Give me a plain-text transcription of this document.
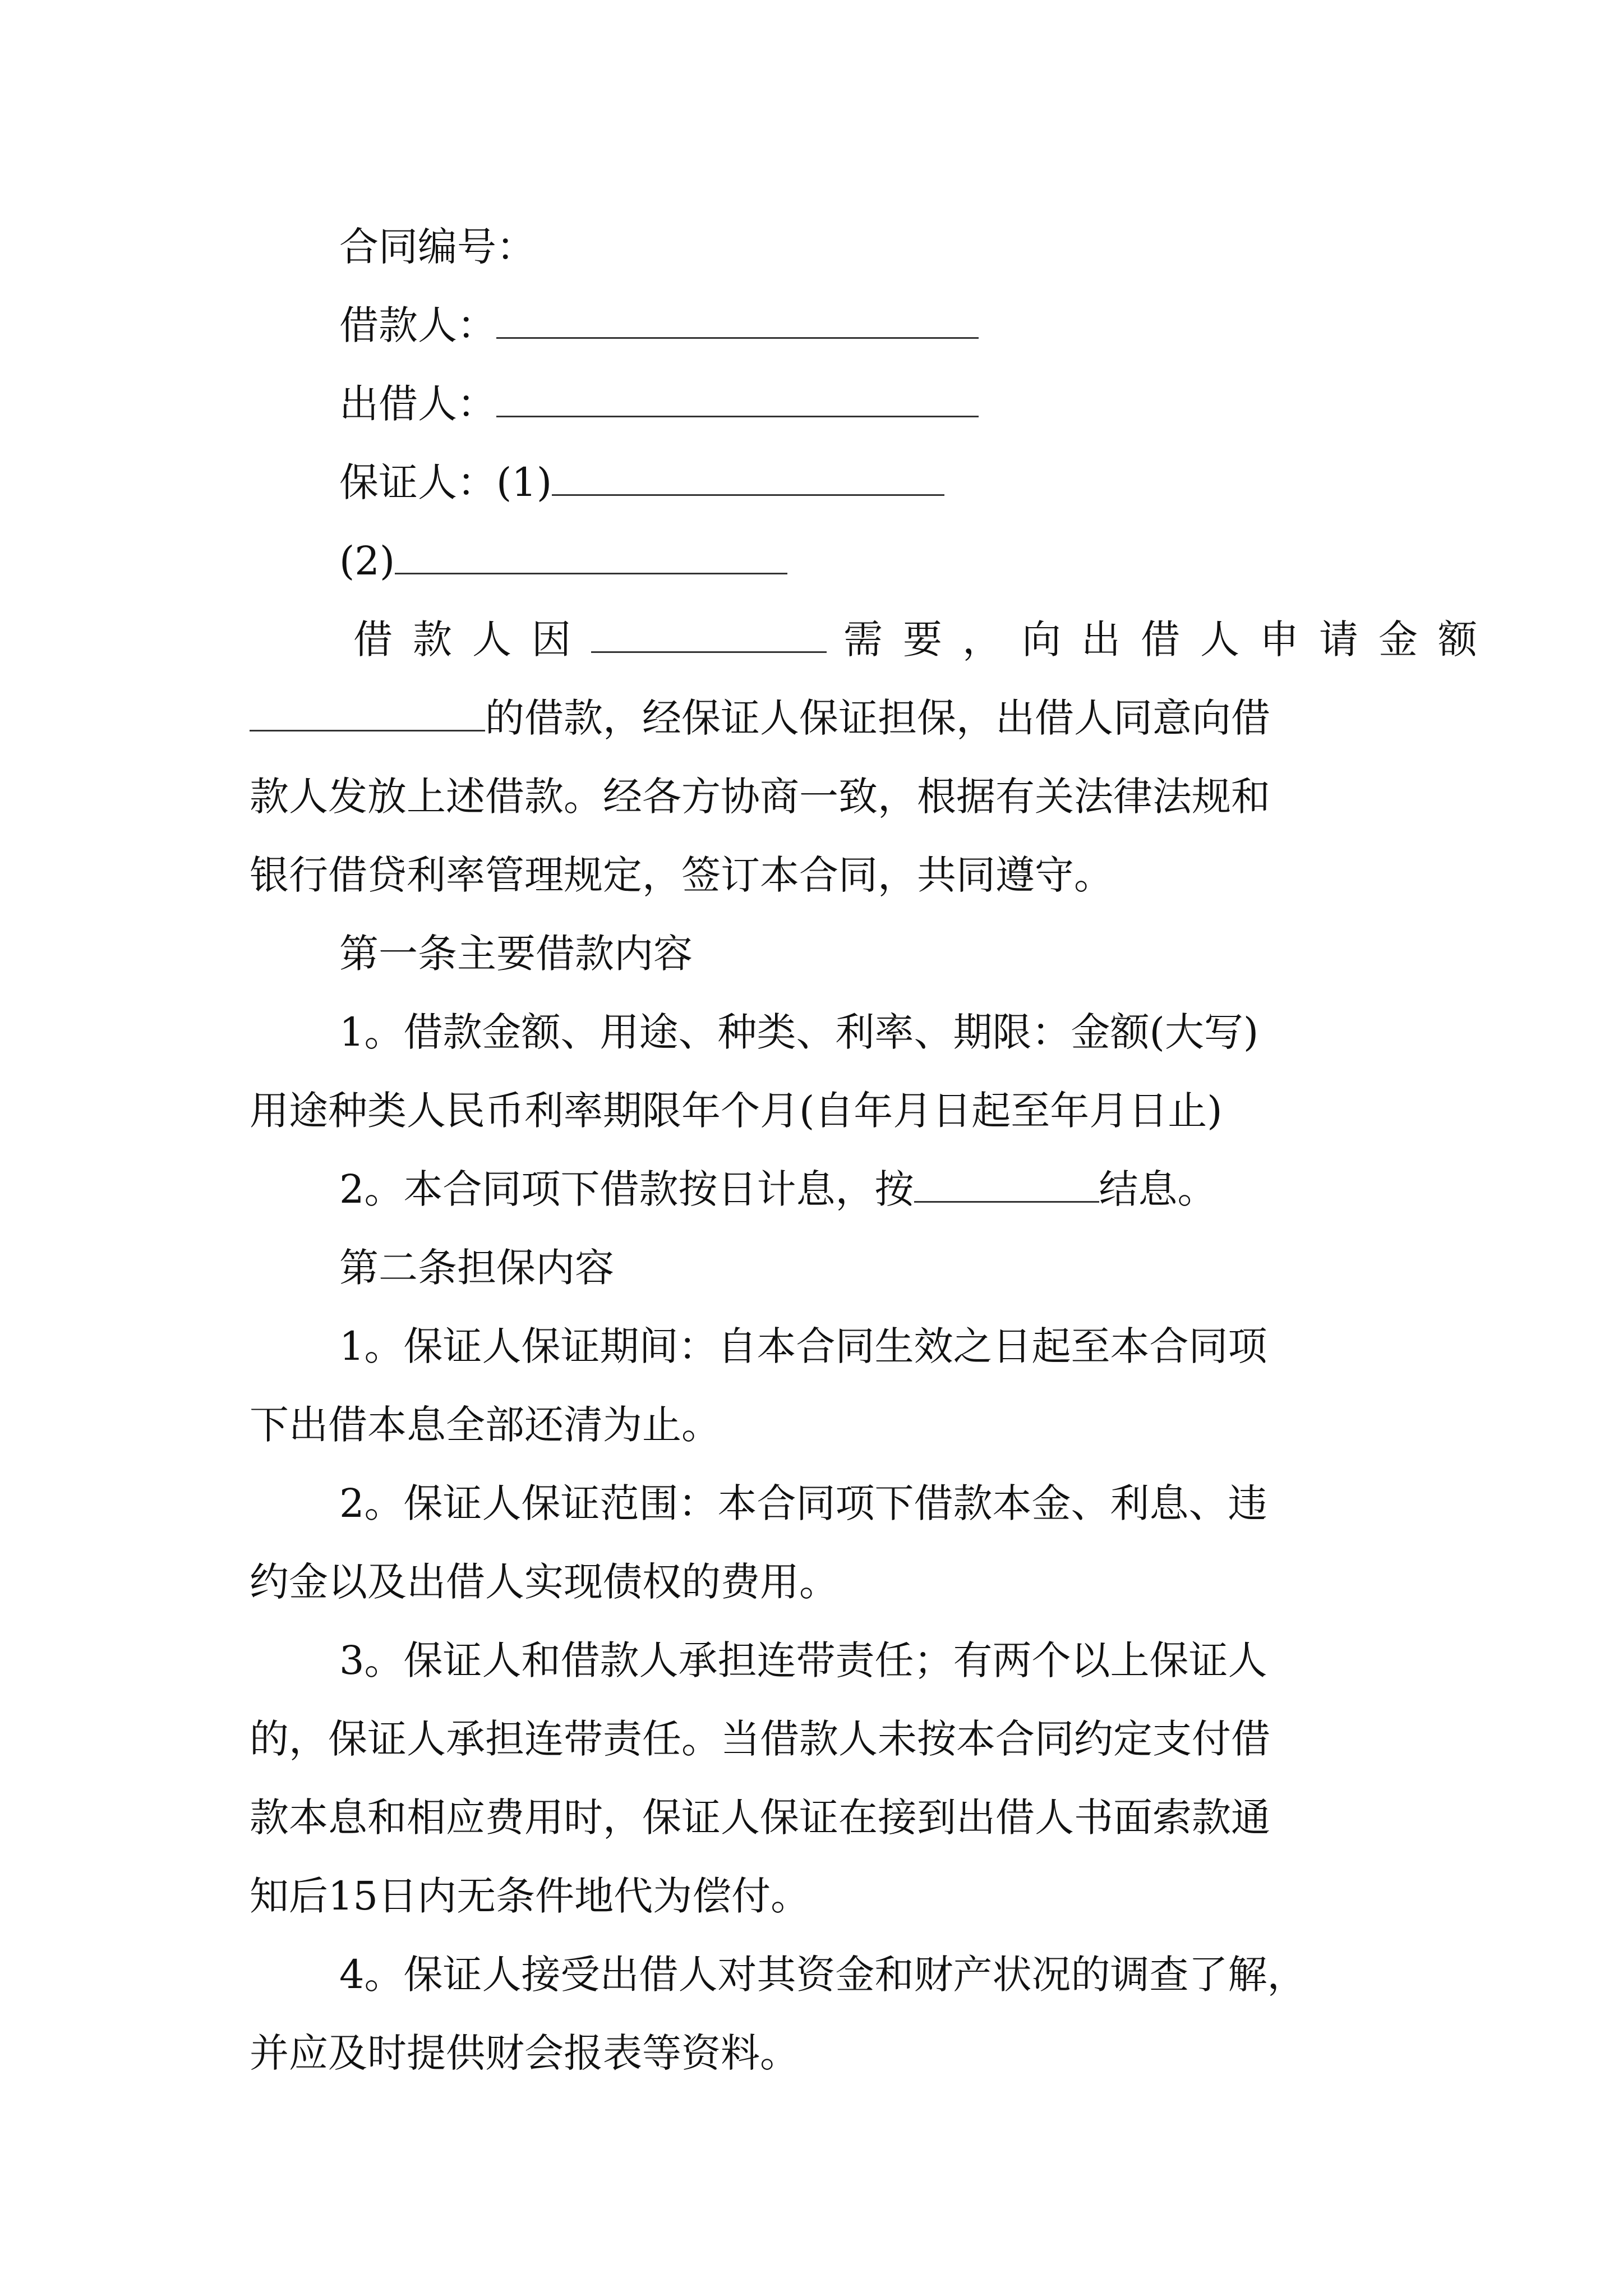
合同编号：

借款人：

出借人：

保证人：(1)

(2)

借款人因	需要，向出借人申请金额

的借款，经保证人保证担保，出借人同意向借

款人发放上述借款。经各方协商一致，根据有关法律法规和

银行借贷利率管理规定，签订本合同，共同遵守。

第一条主要借款内容

1。借款金额、用途、种类、利率、期限：金额(大写)

用途种类人民币利率期限年个月(自年月日起至年月日止)

2。本合同项下借款按日计息，按	结息。

第二条担保内容

1。保证人保证期间：自本合同生效之日起至本合同项

下出借本息全部还清为止。

2。保证人保证范围：本合同项下借款本金、利息、违

约金以及出借人实现债权的费用。

3。保证人和借款人承担连带责任；有两个以上保证人

的，保证人承担连带责任。当借款人未按本合同约定支付借

款本息和相应费用时，保证人保证在接到出借人书面索款通

知后15日内无条件地代为偿付。

4。保证人接受出借人对其资金和财产状况的调查了解，

并应及时提供财会报表等资料。
